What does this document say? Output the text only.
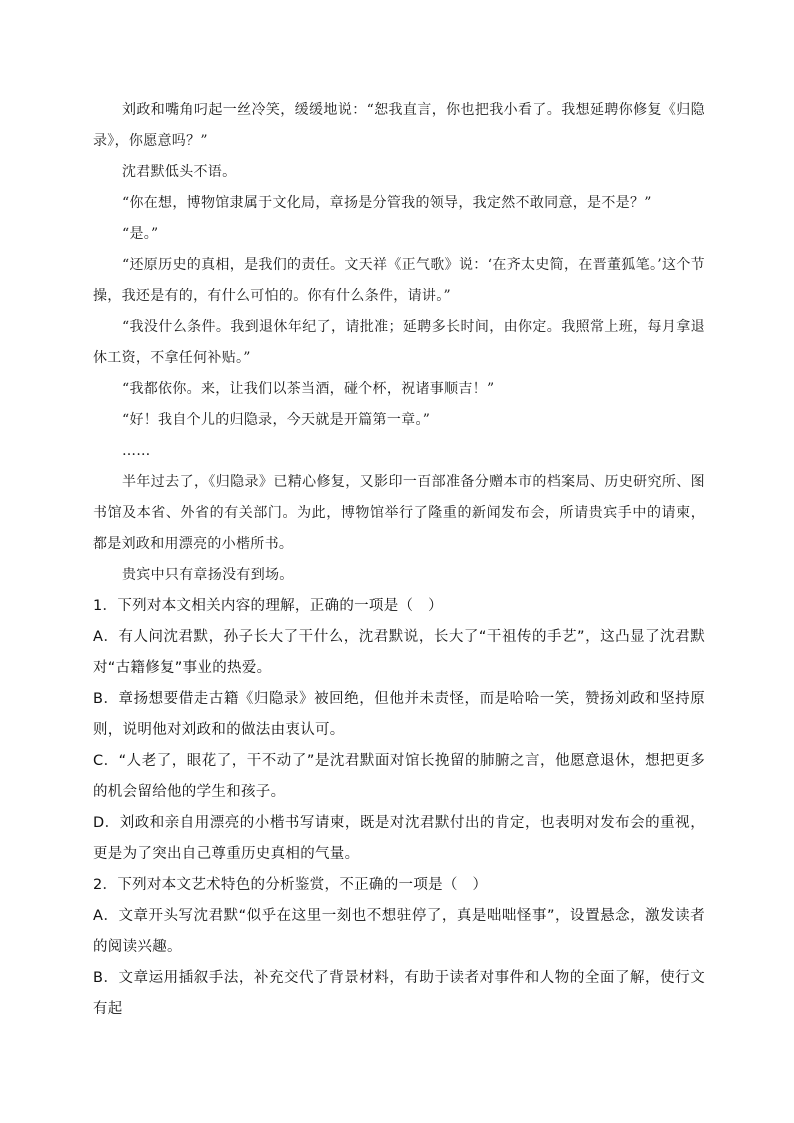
刘政和嘴角叼起一丝冷笑，缓缓地说：“恕我直言，你也把我小看了。我想延聘你修复《归隐录》，你愿意吗？”

沈君默低头不语。

“你在想，博物馆隶属于文化局，章扬是分管我的领导，我定然不敢同意，是不是？”

“是。”

“还原历史的真相，是我们的责任。文天祥《正气歌》说：‘在齐太史简，在晋董狐笔。’这个节操，我还是有的，有什么可怕的。你有什么条件，请讲。”

“我没什么条件。我到退休年纪了，请批准；延聘多长时间，由你定。我照常上班，每月拿退休工资，不拿任何补贴。”

“我都依你。来，让我们以茶当酒，碰个杯，祝诸事顺吉！”

“好！我自个儿的归隐录，今天就是开篇第一章。”

……

半年过去了，《归隐录》已精心修复，又影印一百部准备分赠本市的档案局、历史研究所、图书馆及本省、外省的有关部门。为此，博物馆举行了隆重的新闻发布会，所请贵宾手中的请柬，都是刘政和用漂亮的小楷所书。

贵宾中只有章扬没有到场。

1．下列对本文相关内容的理解，正确的一项是（　）

A．有人问沈君默，孙子长大了干什么，沈君默说，长大了“干祖传的手艺”，这凸显了沈君默对“古籍修复”事业的热爱。

B．章扬想要借走古籍《归隐录》被回绝，但他并未责怪，而是哈哈一笑，赞扬刘政和坚持原则，说明他对刘政和的做法由衷认可。

C．“人老了，眼花了，干不动了”是沈君默面对馆长挽留的肺腑之言，他愿意退休，想把更多的机会留给他的学生和孩子。

D．刘政和亲自用漂亮的小楷书写请柬，既是对沈君默付出的肯定，也表明对发布会的重视，更是为了突出自己尊重历史真相的气量。

2．下列对本文艺术特色的分析鉴赏，不正确的一项是（　）

A．文章开头写沈君默“似乎在这里一刻也不想驻停了，真是咄咄怪事”，设置悬念，激发读者的阅读兴趣。

B．文章运用插叙手法，补充交代了背景材料，有助于读者对事件和人物的全面了解，使行文有起
